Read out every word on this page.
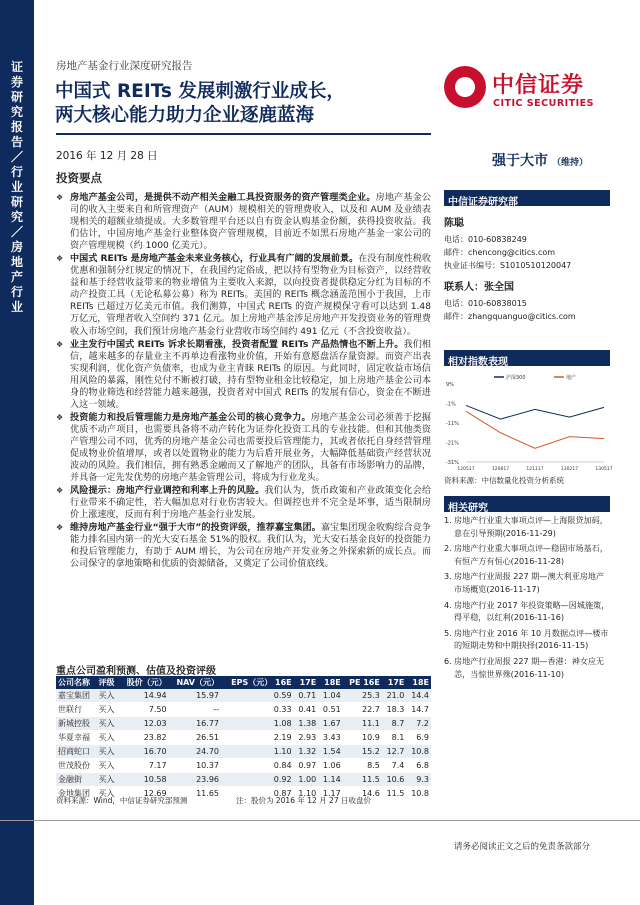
证券研究报告／行业研究／房地产行业
房地产基金行业深度研究报告
中国式 REITs 发展刺激行业成长，
两大核心能力助力企业逐鹿蓝海
2016 年 12 月 28 日
中信证券
CITIC SECURITIES
强于大市 （维持）
投资要点
❖ 房地产基金公司，是提供不动产相关金融工具投资服务的资产管理类企业。房地产基金公司的收入主要来自和所管理资产（AUM）规模相关的管理费收入，以及和 AUM 及业绩表现相关的超额业绩提成。大多数管理平台还以自有资金认购基金份额，获得投资收益。我们估计，中国房地产基金行业整体资产管理规模，目前近不如黑石房地产基金一家公司的资产管理规模（约 1000 亿美元）。
❖ 中国式 REITs 是房地产基金未来业务核心，行业具有广阔的发展前景。在没有制度性税收优惠和强制分红规定的情况下，在我国约定俗成，把以持有型物业为目标资产，以经营收益和基于经营收益带来的物业增值为主要收入来源，以向投资者提供稳定分红为目标的不动产投资工具（无论私募公募）称为 REITs。美国的 REITs 概念涵盖范围小于我国，上市 REITs 已超过万亿美元市值。我们测算，中国式 REITs 的资产规模保守看可以达到 1.48 万亿元，管理者收入空间约 371 亿元。加上房地产基金涉足房地产开发投资业务的管理费收入市场空间，我们预计房地产基金行业营收市场空间约 491 亿元（不含投资收益）。
❖ 业主发行中国式 REITs 诉求长期看涨，投资者配置 REITs 产品热情也不断上升。我们相信，越来越多的存量业主不再单边看涨物业价值，开始有意愿盘活存量资源。而资产出表实现利润，优化资产负债率，也成为业主青睐 REITs 的原因。与此同时，固定收益市场信用风险的暴露，刚性兑付不断被打破，持有型物业租金比较稳定，加上房地产基金公司本身的物业筛选和经营能力越来越强，投资者对中国式 REITs 的发展有信心，资金在不断进入这一领域。
❖ 投资能力和投后管理能力是房地产基金公司的核心竞争力。房地产基金公司必须善于挖掘优质不动产项目，也需要具备将不动产转化为证券化投资工具的专业技能。但和其他类资产管理公司不同，优秀的房地产基金公司也需要投后管理能力，其或者依托自身经营管理促成物业价值增厚，或者以处置物业的能力为后盾开展业务，大幅降低基础资产经营状况波动的风险。我们相信，拥有熟悉金融而又了解地产的团队，具备有市场影响力的品牌，并具备一定先发优势的房地产基金管理公司，将成为行业龙头。
❖ 风险提示：房地产行业调控和利率上升的风险。我们认为，货币政策和产业政策变化会给行业带来不确定性，若大幅加息对行业伤害较大。但调控也并不完全是坏事，适当限制房价上涨速度，反而有利于房地产基金行业发展。
❖ 维持房地产基金行业“强于大市”的投资评级，推荐嘉宝集团。嘉宝集团现金收购综合竞争能力排名国内第一的光大安石基金 51%的股权。我们认为，光大安石基金良好的投资能力和投后管理能力，有助于 AUM 增长，为公司在房地产开发业务之外探索新的成长点。而公司保守的拿地策略和优质的资源储备，又奠定了公司价值底线。
中信证券研究部
陈聪
电话：010-60838249
邮件：chencong@citics.com
执业证书编号：S1010510120047
联系人：张全国
电话：010-60838015
邮件：zhangquanguo@citics.com
相对指数表现
9%
-1%
-11%
-21%
-31%
120517	120817	121117	130217	130517
沪深300	地产
资料来源：中信数量化投资分析系统
相关研究
1. 房地产行业重大事项点评—上海限贷加码，意在引导预期(2016-11-29)
2. 房地产行业重大事项点评—稳固市场基石，有恒产方有恒心(2016-11-28)
3. 房地产行业周报 227 期—澳大利亚房地产市场概览(2016-11-17)
4. 房地产行业 2017 年投资策略—因城施策，得平稳，以红利(2016-11-16)
5. 房地产行业 2016 年 10 月数据点评—楼市的短期走势和中期抉择(2016-11-15)
6. 房地产行业周报 227 期—香港：神女应无恙，当惊世界殊(2016-11-10)
重点公司盈利预测、估值及投资评级
公司名称	评级	股价（元）	NAV（元）	EPS（元） 16E	17E	18E	PE 16E	17E	18E
嘉宝集团	买入	14.94	15.97	0.59	0.71	1.04	25.3	21.0	14.4
世联行	买入	7.50	--	0.33	0.41	0.51	22.7	18.3	14.7
新城控股	买入	12.03	16.77	1.08	1.38	1.67	11.1	8.7	7.2
华夏幸福	买入	23.82	26.51	2.19	2.93	3.43	10.9	8.1	6.9
招商蛇口	买入	16.70	24.70	1.10	1.32	1.54	15.2	12.7	10.8
世茂股份	买入	7.17	10.37	0.84	0.97	1.06	8.5	7.4	6.8
金融街	买入	10.58	23.96	0.92	1.00	1.14	11.5	10.6	9.3
金地集团	买入	12.69	11.65	0.87	1.10	1.17	14.6	11.5	10.8
资料来源：Wind，中信证券研究部预测	注：股价为 2016 年 12 月 27 日收盘价
请务必阅读正文之后的免责条款部分
